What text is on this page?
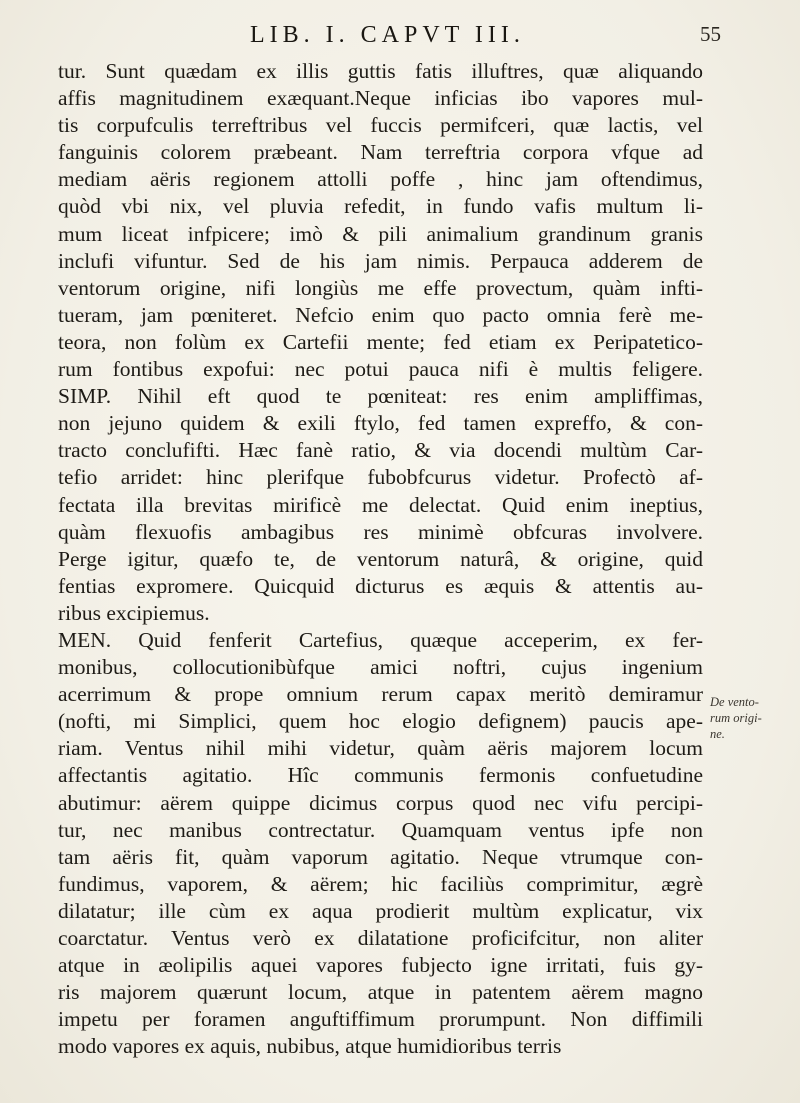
LIB. I. CAPVT III.	55
tur. Sunt quædam ex illis guttis fatis illuftres, quæ aliquando
affis magnitudinem exæquant.Neque inficias ibo vapores mul-
tis corpufculis terreftribus vel fuccis permifceri, quæ lactis, vel
fanguinis colorem præbeant. Nam terreftria corpora vfque ad
mediam aëris regionem attolli poffe , hinc jam oftendimus,
quòd vbi nix, vel pluvia refedit, in fundo vafis multum li-
mum liceat infpicere; imò & pili animalium grandinum granis
inclufi vifuntur. Sed de his jam nimis. Perpauca adderem de
ventorum origine, nifi longiùs me effe provectum, quàm infti-
tueram, jam pœniteret. Nefcio enim quo pacto omnia ferè me-
teora, non folùm ex Cartefii mente; fed etiam ex Peripatetico-
rum fontibus expofui: nec potui pauca nifi è multis feligere.
SIMP. Nihil eft quod te pœniteat: res enim ampliffimas,
non jejuno quidem & exili ftylo, fed tamen expreffo, & con-
tracto conclufifti. Hæc fanè ratio, & via docendi multùm Car-
tefio arridet: hinc plerifque fubobfcurus videtur. Profectò af-
fectata illa brevitas mirificè me delectat. Quid enim ineptius,
quàm flexuofis ambagibus res minimè obfcuras involvere.
Perge igitur, quæfo te, de ventorum naturâ, & origine, quid
fentias expromere. Quicquid dicturus es æquis & attentis au-
ribus excipiemus.
MEN. Quid fenferit Cartefius, quæque acceperim, ex fer-
monibus, collocutionibùfque amici noftri, cujus ingenium
acerrimum & prope omnium rerum capax meritò demiramur
(nofti, mi Simplici, quem hoc elogio defignem) paucis ape-
riam. Ventus nihil mihi videtur, quàm aëris majorem locum
affectantis agitatio. Hîc communis fermonis confuetudine
abutimur: aërem quippe dicimus corpus quod nec vifu percipi-
tur, nec manibus contrectatur. Quamquam ventus ipfe non
tam aëris fit, quàm vaporum agitatio. Neque vtrumque con-
fundimus, vaporem, & aërem; hic faciliùs comprimitur, ægrè
dilatatur; ille cùm ex aqua prodierit multùm explicatur, vix
coarctatur. Ventus verò ex dilatatione proficifcitur, non aliter
atque in æolipilis aquei vapores fubjecto igne irritati, fuis gy-
ris majorem quærunt locum, atque in patentem aërem magno
impetu per foramen anguftiffimum prorumpunt. Non diffimili
modo vapores ex aquis, nubibus, atque humidioribus terris
De vento-
rum origi-
ne.
